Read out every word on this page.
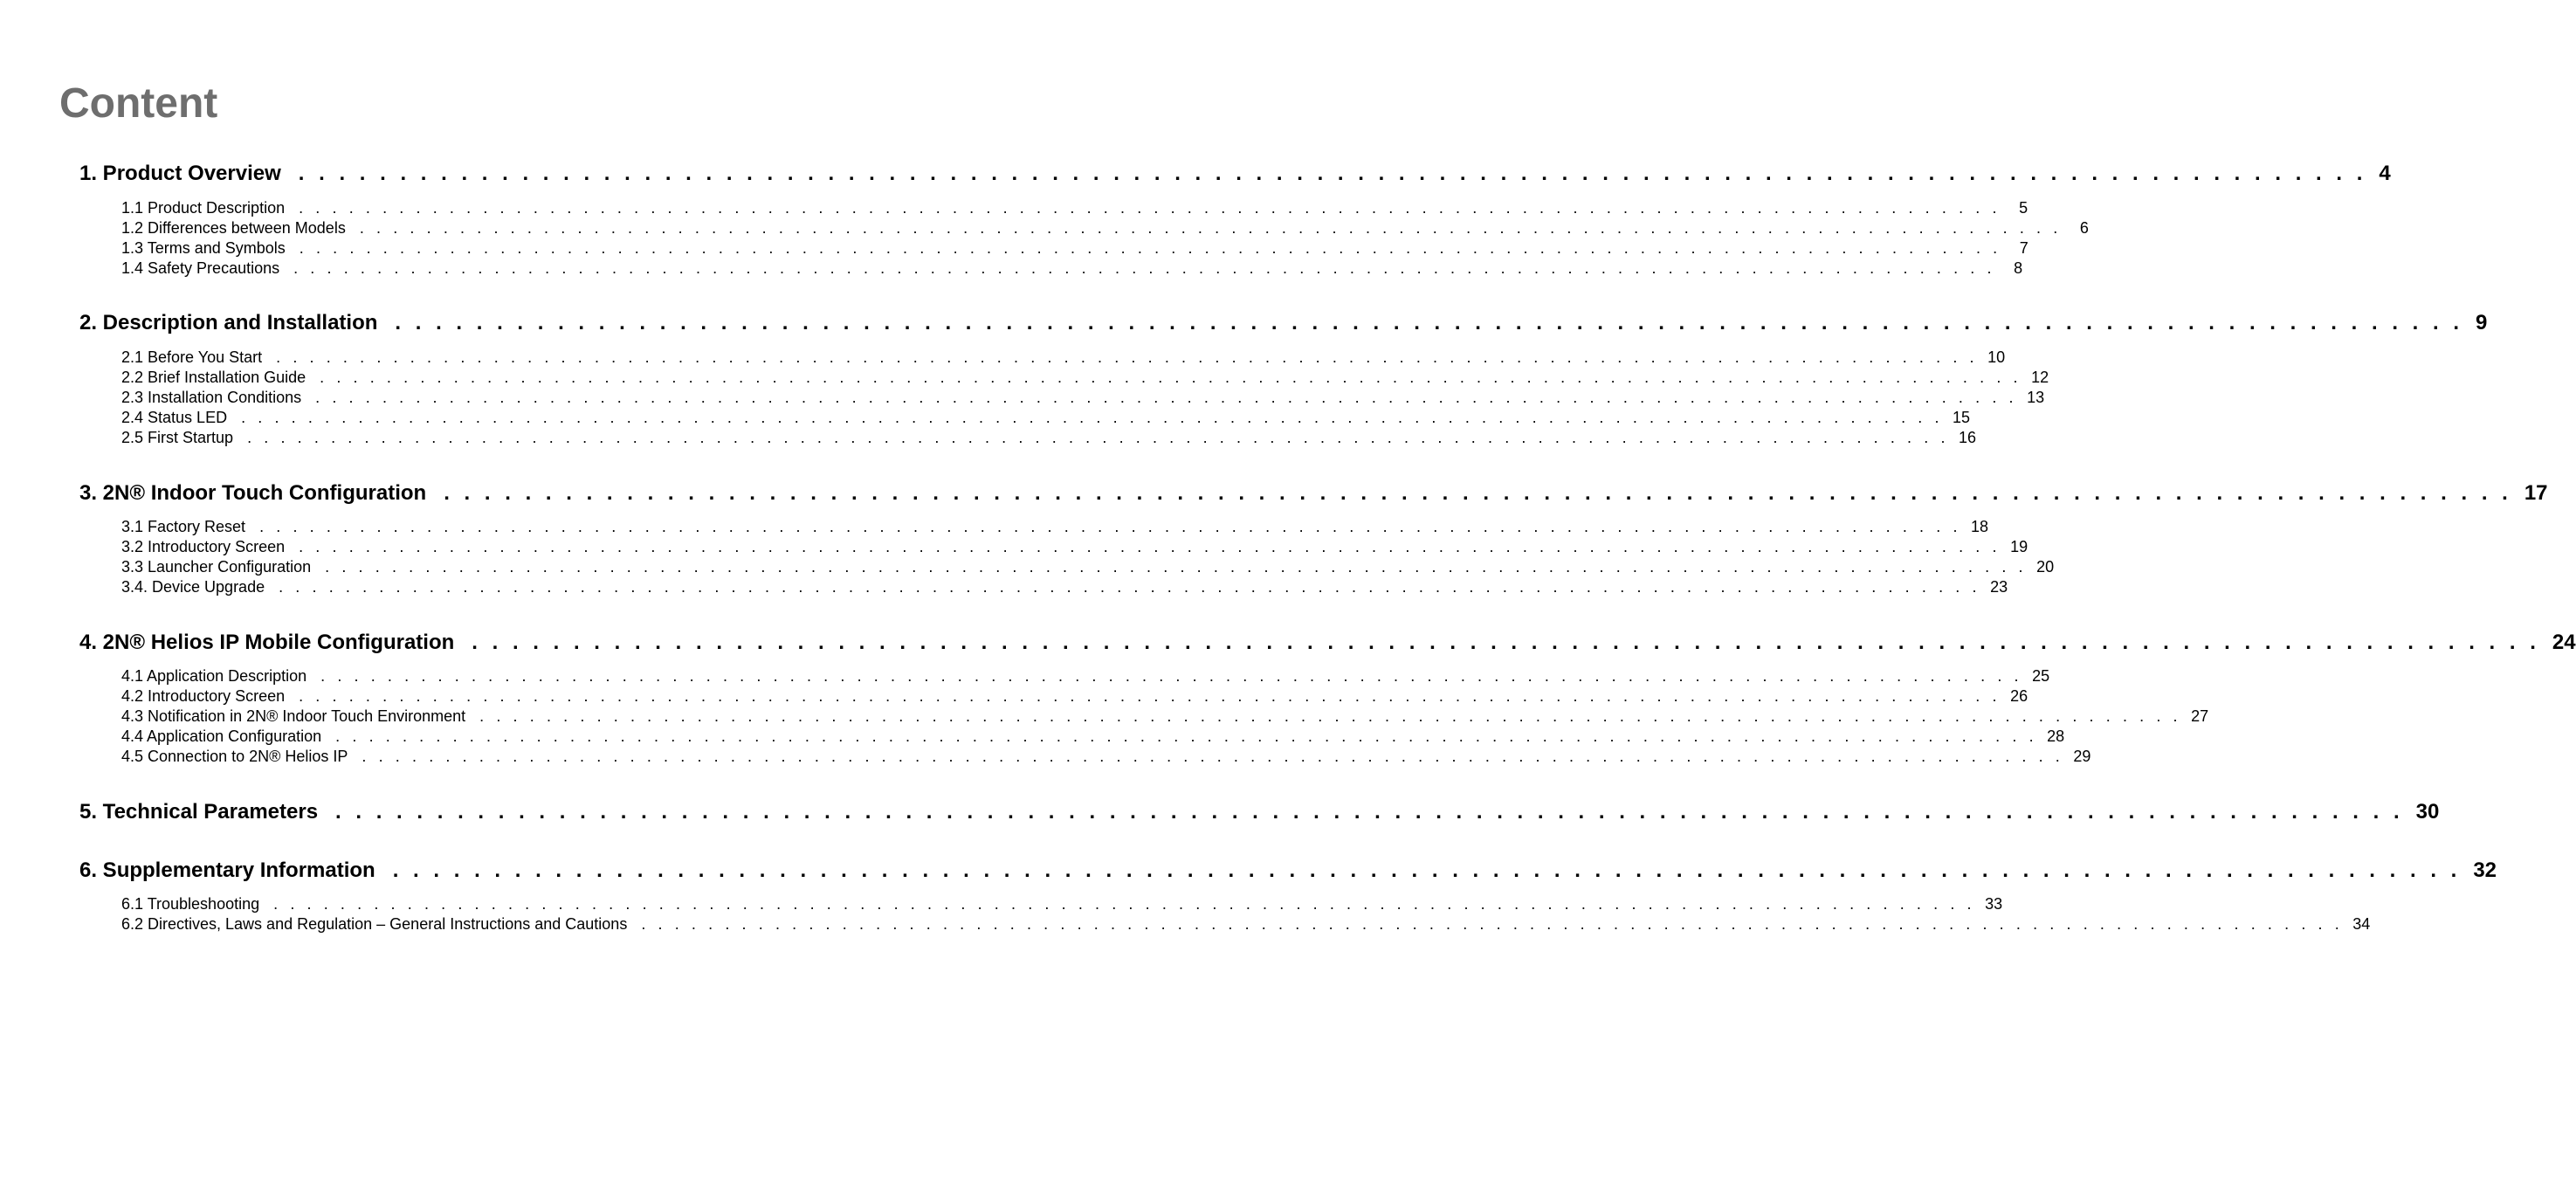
Content
1. Product Overview . . . . . . . . . . . . . . . . . . . . . . . . . . . . . . . . . . . . . . . . . . . . . . . . . . . . . . . . . . . . . . . . . . . . . . . . . . . . . . . . . . . . . . . . . . . . . . . . . . . . . . 4
1.1 Product Description . . . . . . . . . . . . . . . . . . . . . . . . . . . . . . . . . . . . . . . . . . . . . . . . . . . . . . . . . . . . . . . . . . . . . . . . . . . . . . . . . . . . . . . . . . . . . . . . . . . . . .	5
1.2 Differences between Models . . . . . . . . . . . . . . . . . . . . . . . . . . . . . . . . . . . . . . . . . . . . . . . . . . . . . . . . . . . . . . . . . . . . . . . . . . . . . . . . . . . . . . . . . . . . . . . . . . . . . .	6
1.3 Terms and Symbols . . . . . . . . . . . . . . . . . . . . . . . . . . . . . . . . . . . . . . . . . . . . . . . . . . . . . . . . . . . . . . . . . . . . . . . . . . . . . . . . . . . . . . . . . . . . . . . . . . . . . .	7
1.4 Safety Precautions . . . . . . . . . . . . . . . . . . . . . . . . . . . . . . . . . . . . . . . . . . . . . . . . . . . . . . . . . . . . . . . . . . . . . . . . . . . . . . . . . . . . . . . . . . . . . . . . . . . . . .	8
2. Description and Installation . . . . . . . . . . . . . . . . . . . . . . . . . . . . . . . . . . . . . . . . . . . . . . . . . . . . . . . . . . . . . . . . . . . . . . . . . . . . . . . . . . . . . . . . . . . . . . . . . . . . . . 9
2.1 Before You Start . . . . . . . . . . . . . . . . . . . . . . . . . . . . . . . . . . . . . . . . . . . . . . . . . . . . . . . . . . . . . . . . . . . . . . . . . . . . . . . . . . . . . . . . . . . . . . . . . . . . . . 10
2.2 Brief Installation Guide . . . . . . . . . . . . . . . . . . . . . . . . . . . . . . . . . . . . . . . . . . . . . . . . . . . . . . . . . . . . . . . . . . . . . . . . . . . . . . . . . . . . . . . . . . . . . . . . . . . . . . 12
2.3 Installation Conditions . . . . . . . . . . . . . . . . . . . . . . . . . . . . . . . . . . . . . . . . . . . . . . . . . . . . . . . . . . . . . . . . . . . . . . . . . . . . . . . . . . . . . . . . . . . . . . . . . . . . . . 13
2.4 Status LED . . . . . . . . . . . . . . . . . . . . . . . . . . . . . . . . . . . . . . . . . . . . . . . . . . . . . . . . . . . . . . . . . . . . . . . . . . . . . . . . . . . . . . . . . . . . . . . . . . . . . . 15
2.5 First Startup . . . . . . . . . . . . . . . . . . . . . . . . . . . . . . . . . . . . . . . . . . . . . . . . . . . . . . . . . . . . . . . . . . . . . . . . . . . . . . . . . . . . . . . . . . . . . . . . . . . . . . 16
3. 2N® Indoor Touch Configuration . . . . . . . . . . . . . . . . . . . . . . . . . . . . . . . . . . . . . . . . . . . . . . . . . . . . . . . . . . . . . . . . . . . . . . . . . . . . . . . . . . . . . . . . . . . . . . . . . . . . . . 17
3.1 Factory Reset . . . . . . . . . . . . . . . . . . . . . . . . . . . . . . . . . . . . . . . . . . . . . . . . . . . . . . . . . . . . . . . . . . . . . . . . . . . . . . . . . . . . . . . . . . . . . . . . . . . . . . 18
3.2 Introductory Screen . . . . . . . . . . . . . . . . . . . . . . . . . . . . . . . . . . . . . . . . . . . . . . . . . . . . . . . . . . . . . . . . . . . . . . . . . . . . . . . . . . . . . . . . . . . . . . . . . . . . . . 19
3.3 Launcher Configuration . . . . . . . . . . . . . . . . . . . . . . . . . . . . . . . . . . . . . . . . . . . . . . . . . . . . . . . . . . . . . . . . . . . . . . . . . . . . . . . . . . . . . . . . . . . . . . . . . . . . . . 20
3.4. Device Upgrade . . . . . . . . . . . . . . . . . . . . . . . . . . . . . . . . . . . . . . . . . . . . . . . . . . . . . . . . . . . . . . . . . . . . . . . . . . . . . . . . . . . . . . . . . . . . . . . . . . . . . . 23
4. 2N® Helios IP Mobile Configuration . . . . . . . . . . . . . . . . . . . . . . . . . . . . . . . . . . . . . . . . . . . . . . . . . . . . . . . . . . . . . . . . . . . . . . . . . . . . . . . . . . . . . . . . . . . . . . . . . . . . . . 24
4.1 Application Description . . . . . . . . . . . . . . . . . . . . . . . . . . . . . . . . . . . . . . . . . . . . . . . . . . . . . . . . . . . . . . . . . . . . . . . . . . . . . . . . . . . . . . . . . . . . . . . . . . . . . . 25
4.2 Introductory Screen . . . . . . . . . . . . . . . . . . . . . . . . . . . . . . . . . . . . . . . . . . . . . . . . . . . . . . . . . . . . . . . . . . . . . . . . . . . . . . . . . . . . . . . . . . . . . . . . . . . . . . 26
4.3 Notification in 2N® Indoor Touch Environment . . . . . . . . . . . . . . . . . . . . . . . . . . . . . . . . . . . . . . . . . . . . . . . . . . . . . . . . . . . . . . . . . . . . . . . . . . . . . . . . . . . . . . . . . . . . . . . . . . . . . . 27
4.4 Application Configuration . . . . . . . . . . . . . . . . . . . . . . . . . . . . . . . . . . . . . . . . . . . . . . . . . . . . . . . . . . . . . . . . . . . . . . . . . . . . . . . . . . . . . . . . . . . . . . . . . . . . . . 28
4.5 Connection to 2N® Helios IP . . . . . . . . . . . . . . . . . . . . . . . . . . . . . . . . . . . . . . . . . . . . . . . . . . . . . . . . . . . . . . . . . . . . . . . . . . . . . . . . . . . . . . . . . . . . . . . . . . . . . . 29
5. Technical Parameters . . . . . . . . . . . . . . . . . . . . . . . . . . . . . . . . . . . . . . . . . . . . . . . . . . . . . . . . . . . . . . . . . . . . . . . . . . . . . . . . . . . . . . . . . . . . . . . . . . . . . . 30
6. Supplementary Information . . . . . . . . . . . . . . . . . . . . . . . . . . . . . . . . . . . . . . . . . . . . . . . . . . . . . . . . . . . . . . . . . . . . . . . . . . . . . . . . . . . . . . . . . . . . . . . . . . . . . . 32
6.1 Troubleshooting . . . . . . . . . . . . . . . . . . . . . . . . . . . . . . . . . . . . . . . . . . . . . . . . . . . . . . . . . . . . . . . . . . . . . . . . . . . . . . . . . . . . . . . . . . . . . . . . . . . . . . 33
6.2 Directives, Laws and Regulation – General Instructions and Cautions . . . . . . . . . . . . . . . . . . . . . . . . . . . . . . . . . . . . . . . . . . . . . . . . . . . . . . . . . . . . . . . . . . . . . . . . . . . . . . . . . . . . . . . . . . . . . . . . . . . . . . 34
